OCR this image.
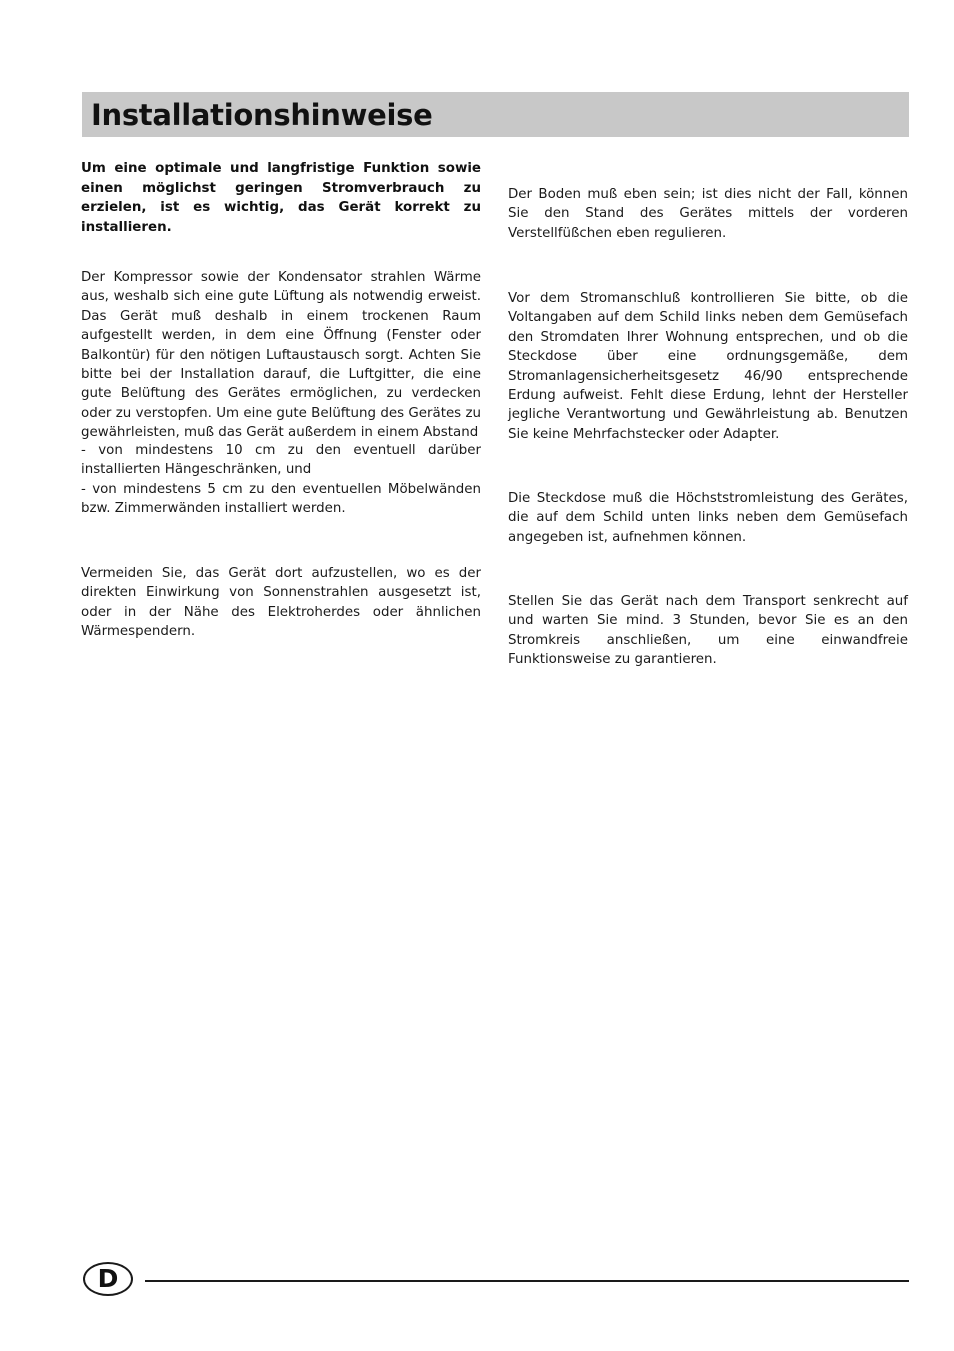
Installationshinweise

Um eine optimale und langfristige Funktion sowie einen möglichst geringen Stromverbrauch zu erzielen, ist es wichtig, das Gerät korrekt zu installieren.

Der Kompressor sowie der Kondensator strahlen Wärme aus, weshalb sich eine gute Lüftung als notwendig erweist. Das Gerät muß deshalb in einem trockenen Raum aufgestellt werden, in dem eine Öffnung (Fenster oder Balkontür) für den nötigen Luftaustausch sorgt. Achten Sie bitte bei der Installation darauf, die Luftgitter, die eine gute Belüftung des Gerätes ermöglichen, zu verdecken oder zu verstopfen. Um eine gute Belüftung des Gerätes zu gewährleisten, muß das Gerät außerdem in einem Abstand

- von mindestens 10 cm zu den eventuell darüber installierten Hängeschränken, und

- von mindestens 5 cm zu den eventuellen Möbelwänden bzw. Zimmerwänden installiert werden.

Vermeiden Sie, das Gerät dort aufzustellen, wo es der direkten Einwirkung von Sonnenstrahlen ausgesetzt ist, oder in der Nähe des Elektroherdes oder ähnlichen Wärmespendern.

Der Boden muß eben sein; ist dies nicht der Fall, können Sie den Stand des Gerätes mittels der vorderen Verstellfüßchen eben regulieren.

Vor dem Stromanschluß kontrollieren Sie bitte, ob die Voltangaben auf dem Schild links neben dem Gemüsefach den Stromdaten Ihrer Wohnung entsprechen, und ob die Steckdose über eine ordnungsgemäße, dem Stromanlagensicherheitsgesetz 46/90 entsprechende Erdung aufweist. Fehlt diese Erdung, lehnt der Hersteller jegliche Verantwortung und Gewährleistung ab. Benutzen Sie keine Mehrfachstecker oder Adapter.

Die Steckdose muß die Höchststromleistung des Gerätes, die auf dem Schild unten links neben dem Gemüsefach angegeben ist, aufnehmen können.

Stellen Sie das Gerät nach dem Transport senkrecht auf und warten Sie mind. 3 Stunden, bevor Sie es an den Stromkreis anschließen, um eine einwandfreie Funktionsweise zu garantieren.

D
